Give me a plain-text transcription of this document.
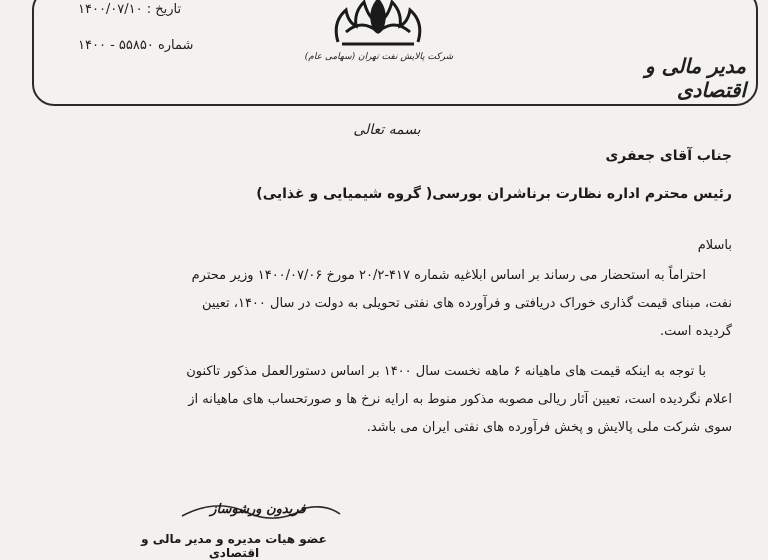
تاریخ : ۱۴۰۰/۰۷/۱۰
شماره ۵۵۸۵۰ - ۱۴۰۰
شرکت پالایش نفت تهران (سهامی عام)	مدیر مالی و اقتصادی
بسمه تعالی
جناب آقای جعفری
رئیس محترم اداره نظارت برناشران بورسی( گروه شیمیایی و غذایی)
باسلام
احتراماً به استحضار می رساند بر اساس ابلاغیه شماره ۴۱۷-۲۰/۲ مورخ ۱۴۰۰/۰۷/۰۶ وزیر محترم
نفت، مبنای قیمت گذاری خوراک دریافتی و فرآورده های نفتی تحویلی به دولت در سال ۱۴۰۰، تعیین
گردیده است.
با توجه به اینکه قیمت های ماهیانه ۶ ماهه نخست سال ۱۴۰۰ بر اساس دستورالعمل مذکور تاکنون
اعلام نگردیده است، تعیین آثار ریالی مصوبه مذکور منوط به ارایه نرخ ها و صورتحساب های ماهیانه از
سوی شرکت ملی پالایش و پخش فرآورده های نفتی ایران می باشد.
فریدون ورشوساز
عضو هیات مدیره و مدیر مالی و اقتصادی
